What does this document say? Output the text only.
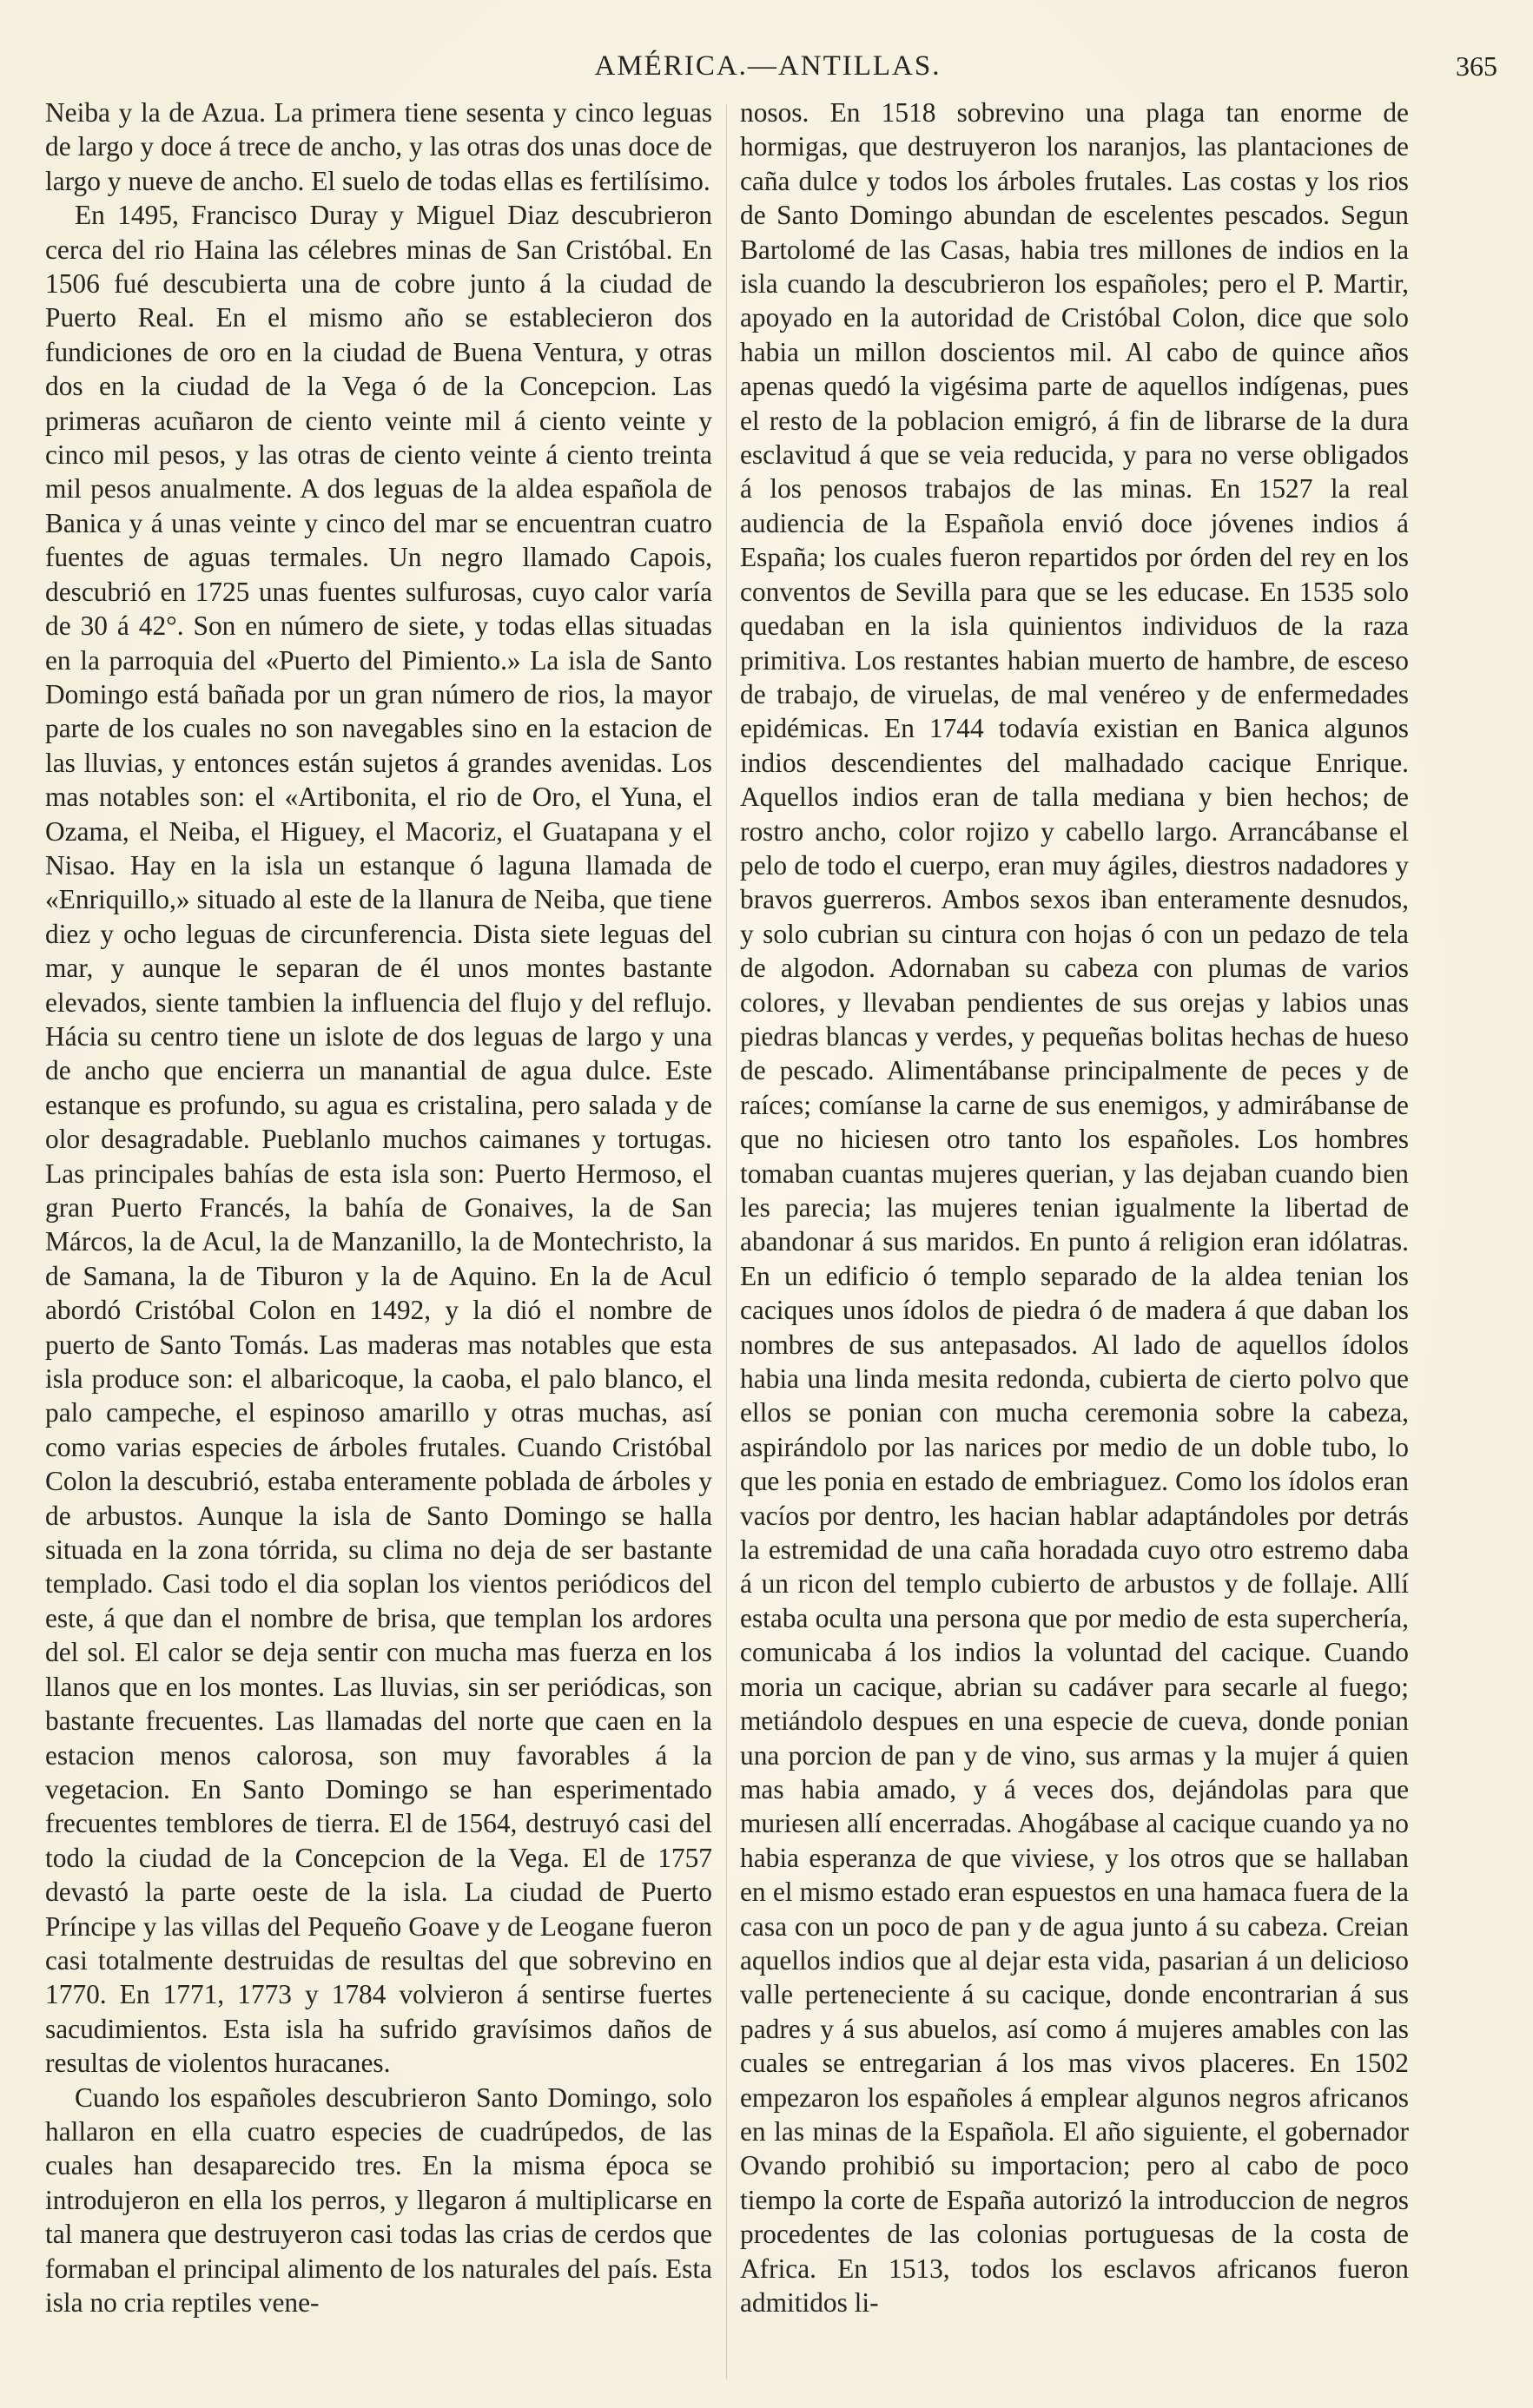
AMÉRICA.—ANTILLAS.	365

Neiba y la de Azua. La primera tiene sesenta y cinco leguas de largo y doce á trece de ancho, y las otras dos unas doce de largo y nueve de ancho. El suelo de todas ellas es fertilísimo.

En 1495, Francisco Duray y Miguel Diaz descubrieron cerca del rio Haina las célebres minas de San Cristóbal. En 1506 fué descubierta una de cobre junto á la ciudad de Puerto Real. En el mismo año se establecieron dos fundiciones de oro en la ciudad de Buena Ventura, y otras dos en la ciudad de la Vega ó de la Concepcion. Las primeras acuñaron de ciento veinte mil á ciento veinte y cinco mil pesos, y las otras de ciento veinte á ciento treinta mil pesos anualmente. A dos leguas de la aldea española de Banica y á unas veinte y cinco del mar se encuentran cuatro fuentes de aguas termales. Un negro llamado Capois, descubrió en 1725 unas fuentes sulfurosas, cuyo calor varía de 30 á 42°. Son en número de siete, y todas ellas situadas en la parroquia del «Puerto del Pimiento.» La isla de Santo Domingo está bañada por un gran número de rios, la mayor parte de los cuales no son navegables sino en la estacion de las lluvias, y entonces están sujetos á grandes avenidas. Los mas notables son: el «Artibonita, el rio de Oro, el Yuna, el Ozama, el Neiba, el Higuey, el Macoriz, el Guatapana y el Nisao. Hay en la isla un estanque ó laguna llamada de «Enriquillo,» situado al este de la llanura de Neiba, que tiene diez y ocho leguas de circunferencia. Dista siete leguas del mar, y aunque le separan de él unos montes bastante elevados, siente tambien la influencia del flujo y del reflujo. Hácia su centro tiene un islote de dos leguas de largo y una de ancho que encierra un manantial de agua dulce. Este estanque es profundo, su agua es cristalina, pero salada y de olor desagradable. Pueblanlo muchos caimanes y tortugas. Las principales bahías de esta isla son: Puerto Hermoso, el gran Puerto Francés, la bahía de Gonaives, la de San Márcos, la de Acul, la de Manzanillo, la de Montechristo, la de Samana, la de Tiburon y la de Aquino. En la de Acul abordó Cristóbal Colon en 1492, y la dió el nombre de puerto de Santo Tomás. Las maderas mas notables que esta isla produce son: el albaricoque, la caoba, el palo blanco, el palo campeche, el espinoso amarillo y otras muchas, así como varias especies de árboles frutales. Cuando Cristóbal Colon la descubrió, estaba enteramente poblada de árboles y de arbustos. Aunque la isla de Santo Domingo se halla situada en la zona tórrida, su clima no deja de ser bastante templado. Casi todo el dia soplan los vientos periódicos del este, á que dan el nombre de brisa, que templan los ardores del sol. El calor se deja sentir con mucha mas fuerza en los llanos que en los montes. Las lluvias, sin ser periódicas, son bastante frecuentes. Las llamadas del norte que caen en la estacion menos calorosa, son muy favorables á la vegetacion. En Santo Domingo se han esperimentado frecuentes temblores de tierra. El de 1564, destruyó casi del todo la ciudad de la Concepcion de la Vega. El de 1757 devastó la parte oeste de la isla. La ciudad de Puerto Príncipe y las villas del Pequeño Goave y de Leogane fueron casi totalmente destruidas de resultas del que sobrevino en 1770. En 1771, 1773 y 1784 volvieron á sentirse fuertes sacudimientos. Esta isla ha sufrido gravísimos daños de resultas de violentos huracanes.

Cuando los españoles descubrieron Santo Domingo, solo hallaron en ella cuatro especies de cuadrúpedos, de las cuales han desaparecido tres. En la misma época se introdujeron en ella los perros, y llegaron á multiplicarse en tal manera que destruyeron casi todas las crias de cerdos que formaban el principal alimento de los naturales del país. Esta isla no cria reptiles vene-

nosos. En 1518 sobrevino una plaga tan enorme de hormigas, que destruyeron los naranjos, las plantaciones de caña dulce y todos los árboles frutales. Las costas y los rios de Santo Domingo abundan de escelentes pescados. Segun Bartolomé de las Casas, habia tres millones de indios en la isla cuando la descubrieron los españoles; pero el P. Martir, apoyado en la autoridad de Cristóbal Colon, dice que solo habia un millon doscientos mil. Al cabo de quince años apenas quedó la vigésima parte de aquellos indígenas, pues el resto de la poblacion emigró, á fin de librarse de la dura esclavitud á que se veia reducida, y para no verse obligados á los penosos trabajos de las minas. En 1527 la real audiencia de la Española envió doce jóvenes indios á España; los cuales fueron repartidos por órden del rey en los conventos de Sevilla para que se les educase. En 1535 solo quedaban en la isla quinientos individuos de la raza primitiva. Los restantes habian muerto de hambre, de esceso de trabajo, de viruelas, de mal venéreo y de enfermedades epidémicas. En 1744 todavía existian en Banica algunos indios descendientes del malhadado cacique Enrique. Aquellos indios eran de talla mediana y bien hechos; de rostro ancho, color rojizo y cabello largo. Arrancábanse el pelo de todo el cuerpo, eran muy ágiles, diestros nadadores y bravos guerreros. Ambos sexos iban enteramente desnudos, y solo cubrian su cintura con hojas ó con un pedazo de tela de algodon. Adornaban su cabeza con plumas de varios colores, y llevaban pendientes de sus orejas y labios unas piedras blancas y verdes, y pequeñas bolitas hechas de hueso de pescado. Alimentábanse principalmente de peces y de raíces; comíanse la carne de sus enemigos, y admirábanse de que no hiciesen otro tanto los españoles. Los hombres tomaban cuantas mujeres querian, y las dejaban cuando bien les parecia; las mujeres tenian igualmente la libertad de abandonar á sus maridos. En punto á religion eran idólatras. En un edificio ó templo separado de la aldea tenian los caciques unos ídolos de piedra ó de madera á que daban los nombres de sus antepasados. Al lado de aquellos ídolos habia una linda mesita redonda, cubierta de cierto polvo que ellos se ponian con mucha ceremonia sobre la cabeza, aspirándolo por las narices por medio de un doble tubo, lo que les ponia en estado de embriaguez. Como los ídolos eran vacíos por dentro, les hacian hablar adaptándoles por detrás la estremidad de una caña horadada cuyo otro estremo daba á un ricon del templo cubierto de arbustos y de follaje. Allí estaba oculta una persona que por medio de esta superchería, comunicaba á los indios la voluntad del cacique. Cuando moria un cacique, abrian su cadáver para secarle al fuego; metiándolo despues en una especie de cueva, donde ponian una porcion de pan y de vino, sus armas y la mujer á quien mas habia amado, y á veces dos, dejándolas para que muriesen allí encerradas. Ahogábase al cacique cuando ya no habia esperanza de que viviese, y los otros que se hallaban en el mismo estado eran espuestos en una hamaca fuera de la casa con un poco de pan y de agua junto á su cabeza. Creian aquellos indios que al dejar esta vida, pasarian á un delicioso valle perteneciente á su cacique, donde encontrarian á sus padres y á sus abuelos, así como á mujeres amables con las cuales se entregarian á los mas vivos placeres. En 1502 empezaron los españoles á emplear algunos negros africanos en las minas de la Española. El año siguiente, el gobernador Ovando prohibió su importacion; pero al cabo de poco tiempo la corte de España autorizó la introduccion de negros procedentes de las colonias portuguesas de la costa de Africa. En 1513, todos los esclavos africanos fueron admitidos li-
